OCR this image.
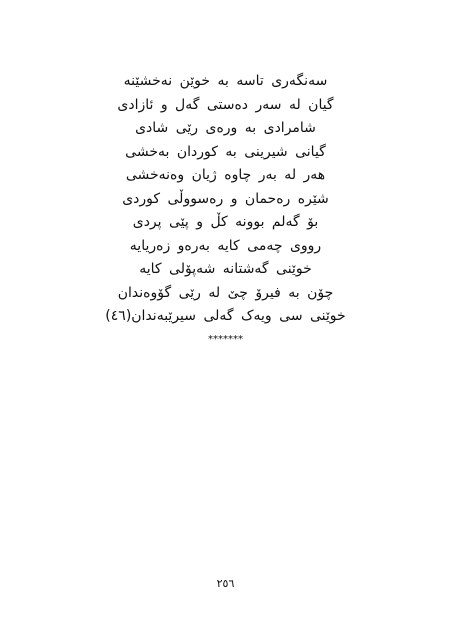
سەنگەری تاسە بە خوێن نەخشێنە
گیان لە سەر دەستی گەل و ئازادی
شامرادی بە ورەی رێی شادی
گیانی شیرینی بە کوردان بەخشی
هەر لە بەر چاوە ژیان وەنەخشی
شێرە رەحمان و رەسووڵی کوردی
بۆ گەلم بوونە کڵ و پێی پردی
رووی چەمی کایە بەرەو زەریایە
خوێنی گەشتانە شەپۆلی کایە
چۆن بە فیرۆ چێ لە رێی گۆوەندان
خوێنی سی ویەک گەلی سیرێبەندان(٤٦)
*******
٢٥٦
